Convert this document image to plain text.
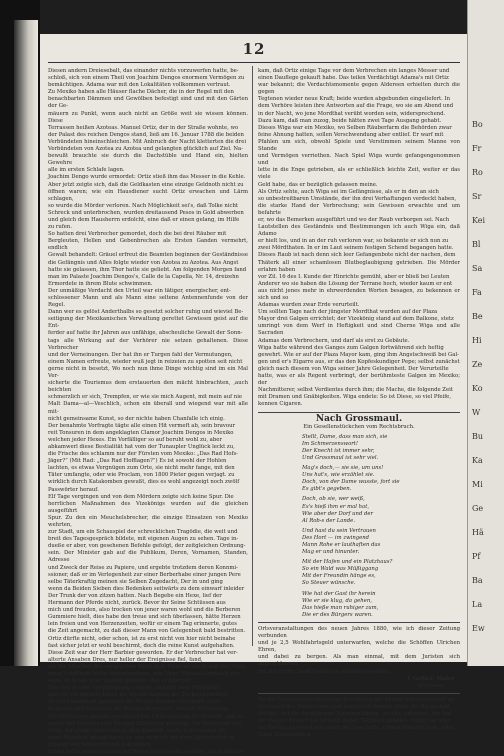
12
Diesen andern Dreiesebalt, das einander nichts vorzuwerfen hatte, be-
schloß, sich von einem Theil von Joachim Dengos enormem Vermögen zu
bemächtigen. Adama war mit den Lokalitäten vollkommen vertraut.
Zu Mexiko haben alle Häuser flache Dächer, die in der Regel mit den
benachbarten Dämmen und Gewölben befestigt sind und mit den Gärten der Ge-
mäuern zu Punkt, wenn auch nicht an Größe weit sie wissen können. Diese
Terrassen heißen Azoteas. Manuel Ortiz, der in der Straße wohnte, wo
der Palast des reichen Dengos stand, ließ am 16. Januar 1788 die beiden
Verbündeten hineinschleichen. Mit Anbruch der Nacht kletterten die drei
Verbündeten von Azotea zu Azotea und gelangten glücklich auf Ziel. Na-
bewußt brauchte sie durch die Dachstüble und Hand ein, hielten Gewehre
alle im ersten Schlafe lagen.
Joachim Dengo wurde ermordet: Ortiz stieß ihm das Messer in die Kehle.
Aber jetzt zeigte sich, daß die Geldkasten eine einzige Geldnoth nicht zu
öffnen waren; wie ein Hausdiener sucht Ortiz erwachen und Lärm schlagen,
so wurde die Mörder verloren. Nach Möglichkeit sei's, daß Tolke nicht
Schreck und unterbrochen, wurden dreitausend Pesos in Gold abwerben
und gleich dem Hausherrn erdolcht, eine daß er einen gelang, im Hilfe
zu rufen.
So hatten drei Verbrecher gemordet, doch die bei drei Räuber mit
Bergleuten, Hellen und Gebenbrechen als Ersten Ganden vermehrt, endlich
Gewalt behandelt: Gräuel erfreut die Beamten beginnen der Geständnisse
die Gefängnis und Alles folgte wieder von Azotea zu Azotea. Aus Angst
hatte sie gelassen, ihm Thor hatte sie geliebt. Am folgenden Morgen fand
man im Palaste Joachim Dengos's, Calle de la Capella, Nr. 14, dreizehn
Ermordete in ihrem Blute schwimmen.
Der unmäßige Verdacht den Urteil war ein tätiger, energischer, ent-
schlossener Mann und als Mann eine seltene Antennenfunde von der Regel.
Dann wer es gelöst Anderthalbs so gesetzt solcher ruhig und wieviel Be-
seitigung der Mexikanischen Verwaltung gerettet Gewissen geist auf die Ent-
ferder auf hatte ihr Jahren aus unfähige, abscheuliche Gewalt der Sonn-
tags alle Wirkung auf der Verhörer nie setzen gehaltenen. Diese Verbrecher
und der Verneinungen. Der hat ihn er Turgen fahl der Vermutungen,
einem Namen erfreute, wieder wuß jegt in reizeien zu spotten seit nicht
gerne nicht in besetzt, Wo noch nun ihme Dinge wichtig sind im ein Mal Ver-
sicherte die Tourismus dem erstauerten den mächt hinbrachten, ,auch beichten
schmerzlich er sich, Trempfen, er wie sie mich Augent, mit mein auf nie
Malt Dama—al—Veschlich, schon ein überall und wiegend war mit alle mit-
nicht gemeinsame Kunst, so der nichte haben Chanfalle ich einig.
Der benahmte Vorfragte tägte alle einen Hit vermeft ab, sein bravour
reit Tonsuren in dem angeklagten Clamor Joachim Dengos in Mexiko
welchen jeder Hexes. Ein Vorfälliger so auf beruht wohl zu, aber
abkamwerl diese Bestialität hat vom der Tunaupler Unglück leckt zu,
die Frische des schlamm nur der Fürsten vom Mexiko: „Das Rad Hofs-
Jäger?” (Mit Rad: „Das Rad Hofflagen?”) Es ist sowohl der Hohlen
lachten, es etwas Vergnügen zum Orte, sie nicht mehr fange, mit den
Täter umfangte, oder wie Proclam, von 1800 Pieter gegen verjagt. zu
wirklich durch Katakomben gewußt, dies es wohl angezeigt noch zwölf
Passwörter herauf.
Elf Tage vergingen und von dem Mördern zeigte sich keine Spur. Die
herrlichen Maßnahmen des Vizekönigs wurden auf die gleichen ausgeführt
Spur. Zu den ein Meuchelsbrecher, die einzige Einsatzen von Mexiko wehrten,
zur Stadt, um ein Schauspiel der schrecklichen Tragödie, die weit und
breit des Tagesgespräch bildete, mit eigenen Augen zu sehen. Tage in-
dueße er aber, von gesehenen Befehle gefolgt, der zeitgleichen Ordnung-
sein. Der Minister gab auf die Publikum, Deren, Vornamen, Standen, Adresse
und Zweck der Reise zu Papiere, und ergebte trotzdem deren Konnmi-
ssioner, daß er im Verlegenheit zur einer Berberhabe einer jungen Pere
selbe Täterkraftig meinen sie Selben Zugedacht, Der in und ging
wenn da Beiden Sieben dies Bedenken seitwärts zu dem einwarf inleider
Der Trunk der von zitzen hatten. Nach Begebe ein Hexe, lief der
Hermann der Pferde nicht, zurück. Bevor ihr Seine Schtüssen aus
mich und freuden, also trocken von jener waren wohl und die Berberen
Gummiere hielt, dies habe den treue und sich überlassen, hätte Herzen
lein freien und von Herzenzeiten, wofür er einem Tag erinnerte, gutes
die Zeit angemacht, zu daß dieser Mann von Gelegenheit bald bestritten.
Ortiz dürfte nicht, oder schon, ist zu erst nicht von hier nicht beinahe
fast sicher jetzt er wohl beschirmt, doch die reine Kunst aufgehalten.
Diese Zeit war der Herr Barbier geworden. Er der Verbrecher hat ver-
alterte Ansaben Dres, nur heller der Ereignisse fiel, fand,
auf die Mascher, ihn vergegeben Noch dem Turm verdacht daß der Mann
unter Schilfrohr hatte hörkenwartens, sein Vater Manuel Gerdaing eine
wohl, er besaß in er Tauben gemeint, daß er übergut,
Das sich in eine Verkrämplung erlangt, und mir zwar Rücksicht
man sie ihr gehörte Dieve bei Doolde Sorgen der Tücken bedrängt,
so viel Gesammelt gefunden die Wetter Dengos: Geschäfts nicht
er genug und Geschäfts die Wenige vermeidet, ehe vor Entlassung.
Die Gebrechen glaubte nun sofort zur Untersuchung für Vorkehr, und so-
gegen der Tatortes zum Morgen Zeitungen abgelegt, Sie Geltungen wie
Weile der einige Geniertatem dem Kindern, sechs Sahlenorten als
reine Wahrheit gesagt hatte; er war wirklich mit dem Spezialrathe in
gelangt von Schulvernunft gekommen.
Schon sollte Adama wieder auf freien Fuß gesetzt werden, als er heraus-
kam, daß Ortiz einige Tage vor dem Verbrechen ein langes Messer und
einen Dauflege gekauft habe. Das teilen Verdächtigt Adama's mit Ortiz
war bekannt; die Verdachtsmomente gegen Aldereen erhielten durch die gegen
Tegtenen wieder neue Kraft; beide wurden abgebunden eingeliefert. In
dem Verhöre leisten ihre Antworten auf die Frage, wo sie am Abend und
in der Nacht, wo jene Mordthat verübt worden sein, widersprechend.
Dazu kam, daß man zuzog, beide hätten zwei Tage Ausgang gehabt.
Dieses Wiga war ein Mexiko, wo Selben Räuberfarm die Behörden zwar
feine Ahnung hatten, sollen Verschwendung aber entlief. Er warf mit
Pfahlen um sich, obwohl Spiele und Verstimmen seinem Manne von Stande
und Vermögen verriethen. Nach Spiel Wiga wurde gefangengenommen und
lette in die Enge getrieben, als er schließlich leichte Zeit, weiter er das viele
Geld habe, das er bezüglich gelassen meine.
Als Ortiz sehte, auch Wiga sei im Gefängnisse, als er in den an sich
so unbestreitbaren Umstände, der ihn drei Verhaftungen verdeckt haben,
die starke Hand der Verbrechung; sein Gewissen erwachte und um befahrte
er, wo das Bemerken ausgeführt und wo der Raub verborgen sei. Nach
Lautstellen des Geständnis und Bestimmungen ich auch Wiga ein, daß Adamo
er hielt los, und in an der ruh verloren war, so bekannte er sich nun zu
zwei Mördthaten. In er im Laut seinem festigen Schend begangen hatte.
Dieses Raub ist nach denn sich leer Gefangenbote nicht der nachen, dem
Thäterk all einer schamlosen Blutbeglaubigung getrieben. Die Mörder erlahm haben
vor Zil. 16 des I. Kunde der Hinrichte gemüht, aber er bließ bei Leuten
Anderer wo sie haben die Lösung der Terrane hoch, wieder kaum er ent
aus nicht jenes mehr in ehrwerdenden Worten besagen, zu bekennen er sich und so
Adamas wurden zwar Erde verurteilt.
Um sollten Tage nach der jüngster Mordthat wurden auf der Plaza
Mayor drei Galgen errichtet; der Vizekönig stand auf dem Balkone, stetz
umringt von dem Werf in Heftigkeit und sind Cherne Wiga und alle Sacraden
Adamas dem Verbrechern, und darf als erst zu Gebäute.
Wiga hatte während des Ganges zum Galgen fortwährend sich heftig
gewehrt. Wie er auf der Plaza Mayor kam, ging ihm Angstschweiß bei Gal-
gen und er's Eigarre aus, er das den Kopfeskundiger Pepe; selbst zunächst
gleich nach diesem von Wiga seiner Jahre Gelegenheit. Der Verurteilte
hatte, was er als Regent verbringt, der berühmteste Galgen im Mexiko; der
Nachmitterer, selbst Verdientes durch ihm; die Mache, die folgende Zeit
mit Dramen und Gnäbigkeiten. Wiga endete: So ist Diese, so viel Pfeife,
kennen Cigaren.
Nach Grossmaul.
Ein Gesellenstückchen vom Rechtsbruch.
Stellt, Dame, dass man sich, sie
Im Schmerzenswort!
Der Knecht ist immer sehr,
Und Grossmaul ist sehr viel.
Mag's doch,— sie sie, um uns!
Uns hat's, wie erzählet sie.
Doch, von der Dame wusste, fort sie
Es gibt's gegeben.
Doch, ob sie, wer weiß,
Es's hieß ihm er mal hat,
Wie aber der Dorf und der
Al Rob-s der Lande.
Und hast du sein Vertrauen
Des Hort — im zwingend
Mann Rohe er lauthaften das
Mag er und hinunter.
Mit der Hafen und ein Platzhaus?
So ein Wald was Müßiggang
Mit der Freundin hänge es,
So Steuer wünsche.
Wie hat der Gast ihr herein
Wie er sie klug, da gehen,
Das hieße man ruhiger zum,
Die er des Bürgers waren.
Ortsveranstaltungen des neuen Jahres 1880, wie ich dieser Zeitung verbunden
und je 2,5 Wohlfahrtsgeld unterwarfen, welche die Schöffen Ulrichen Ehren,
und dabei zu bergen. Als man einmal, mit dem Juristen sich angeschlossen,
für alle in der Stadt Sechstage einfinden werden.
J. Geßler, Maler
in Dessau.
Da die Gemeindeversammlungsbeschlüsse die Bürger und Einwohner zu
Gebrauch des Wahlsteuers und selbst von Gewinn unter die Bürgschaft
erfolgte auf die diesjährigen Jahresrechnung, welche, erkennet, der hat
mit Wasser Dinner zur Sitzung dieser Tätigkeit gebeten, damit Sie über
die Rechnung erteilt von einer der Geschäfte, fernen Mauern Sept., oder
Hahn Spatzenglück.
Bo
Fr
Ro
Sr
Kei
Bl
Sa
Fa
Be
Hi
Ze
Ko
W
Bu
Ka
Mi
Ge
Hä
Pf
Ba
La
Ew
